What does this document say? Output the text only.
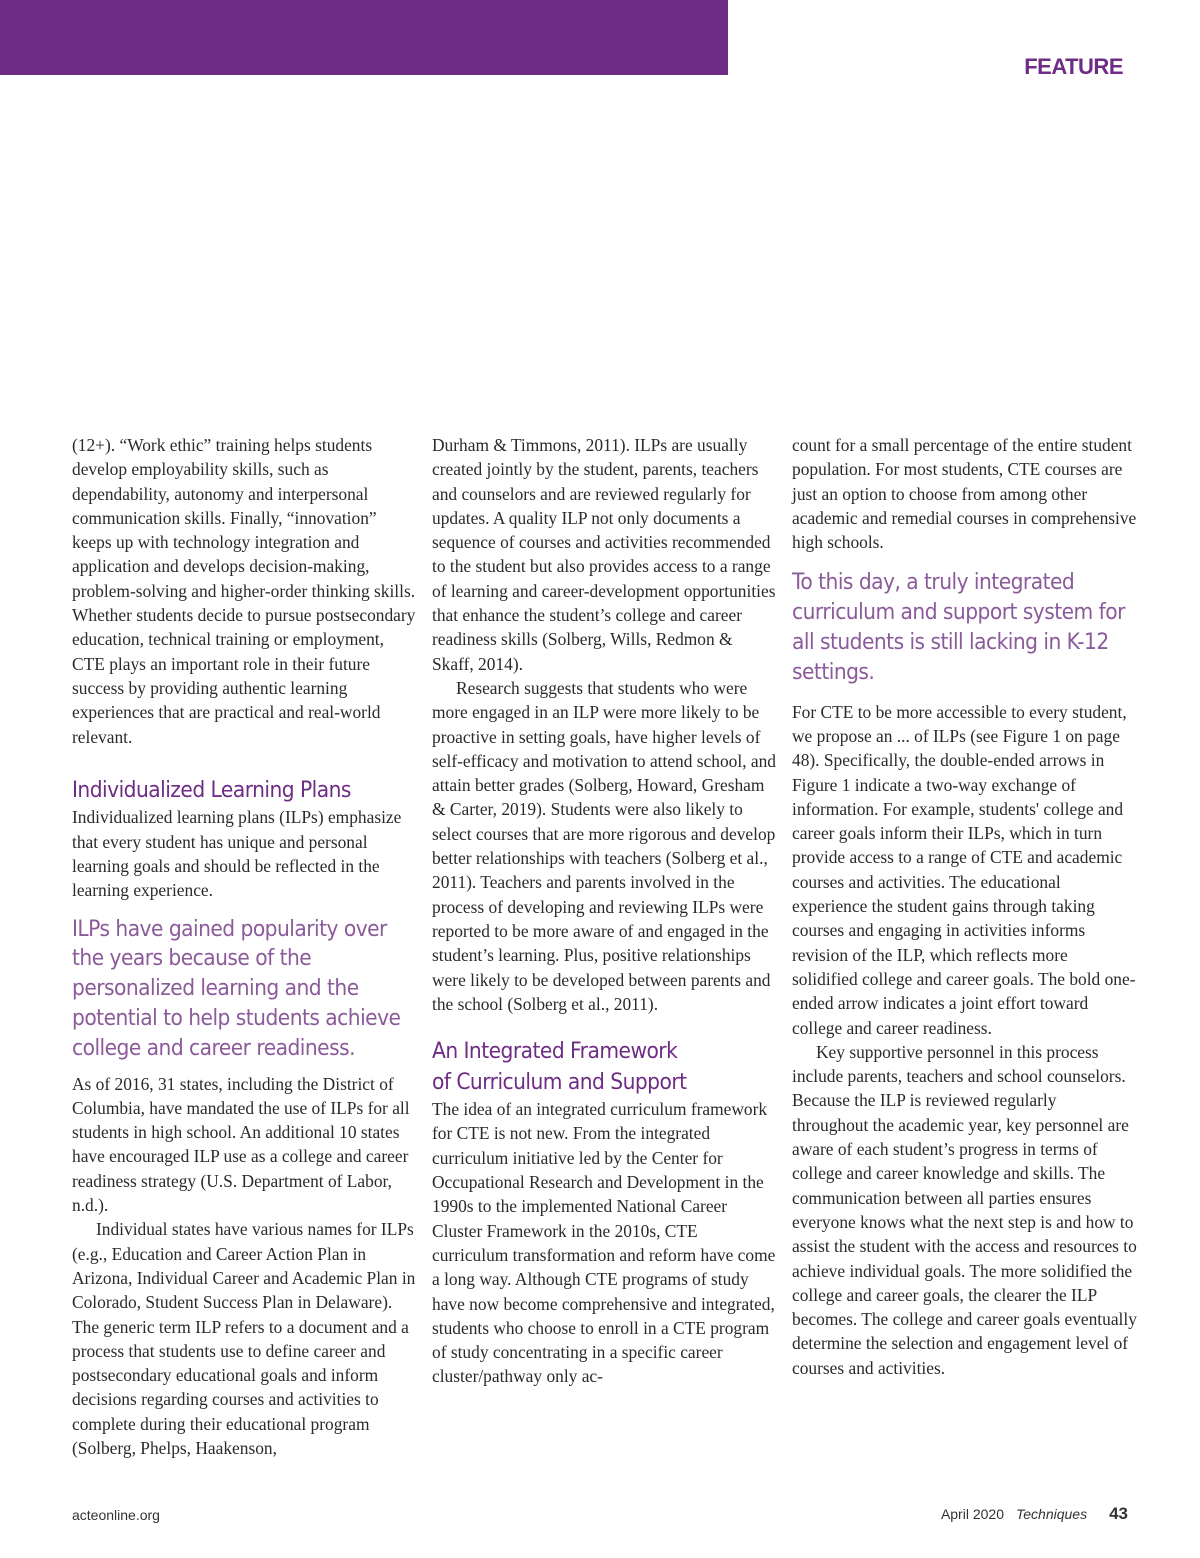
FEATURE

(12+). “Work ethic” training helps students develop employability skills, such as dependability, autonomy and interpersonal communication skills. Finally, “innovation” keeps up with technology integration and application and develops decision-making, problem-solving and higher-order thinking skills. Whether students decide to pursue postsecondary education, technical training or employment, CTE plays an important role in their future success by providing authentic learning experiences that are practical and real-world relevant.

Individualized Learning Plans

Individualized learning plans (ILPs) emphasize that every student has unique and personal learning goals and should be reflected in the learning experience.

ILPs have gained popularity over the years because of the personalized learning and the potential to help students achieve college and career readiness.

As of 2016, 31 states, including the District of Columbia, have mandated the use of ILPs for all students in high school. An additional 10 states have encouraged ILP use as a college and career readiness strategy (U.S. Department of Labor, n.d.).

Individual states have various names for ILPs (e.g., Education and Career Action Plan in Arizona, Individual Career and Academic Plan in Colorado, Student Success Plan in Delaware). The generic term ILP refers to a document and a process that students use to define career and postsecondary educational goals and inform decisions regarding courses and activities to complete during their educational program (Solberg, Phelps, Haakenson,

Durham & Timmons, 2011). ILPs are usually created jointly by the student, parents, teachers and counselors and are reviewed regularly for updates. A quality ILP not only documents a sequence of courses and activities recommended to the student but also provides access to a range of learning and career-development opportunities that enhance the student’s college and career readiness skills (Solberg, Wills, Redmon & Skaff, 2014).

Research suggests that students who were more engaged in an ILP were more likely to be proactive in setting goals, have higher levels of self-efficacy and motivation to attend school, and attain better grades (Solberg, Howard, Gresham & Carter, 2019). Students were also likely to select courses that are more rigorous and develop better relationships with teachers (Solberg et al., 2011). Teachers and parents involved in the process of developing and reviewing ILPs were reported to be more aware of and engaged in the student’s learning. Plus, positive relationships were likely to be developed between parents and the school (Solberg et al., 2011).

An Integrated Framework
of Curriculum and Support

The idea of an integrated curriculum framework for CTE is not new. From the integrated curriculum initiative led by the Center for Occupational Research and Development in the 1990s to the implemented National Career Cluster Framework in the 2010s, CTE curriculum transformation and reform have come a long way. Although CTE programs of study have now become comprehensive and integrated, students who choose to enroll in a CTE program of study concentrating in a specific career cluster/pathway only ac-

count for a small percentage of the entire student population. For most students, CTE courses are just an option to choose from among other academic and remedial courses in comprehensive high schools.

To this day, a truly integrated curriculum and support system for all students is still lacking in K-12 settings.

For CTE to be more accessible to every student, we propose an ... of ILPs (see Figure 1 on page 48). Specifically, the double-ended arrows in Figure 1 indicate a two-way exchange of information. For example, students' college and career goals inform their ILPs, which in turn provide access to a range of CTE and academic courses and activities. The educational experience the student gains through taking courses and engaging in activities informs revision of the ILP, which reflects more solidified college and career goals. The bold one-ended arrow indicates a joint effort toward college and career readiness.

Key supportive personnel in this process include parents, teachers and school counselors. Because the ILP is reviewed regularly throughout the academic year, key personnel are aware of each student’s progress in terms of college and career knowledge and skills. The communication between all parties ensures everyone knows what the next step is and how to assist the student with the access and resources to achieve individual goals. The more solidified the college and career goals, the clearer the ILP becomes. The college and career goals eventually determine the selection and engagement level of courses and activities.

acteonline.org	April 2020 Techniques 43
